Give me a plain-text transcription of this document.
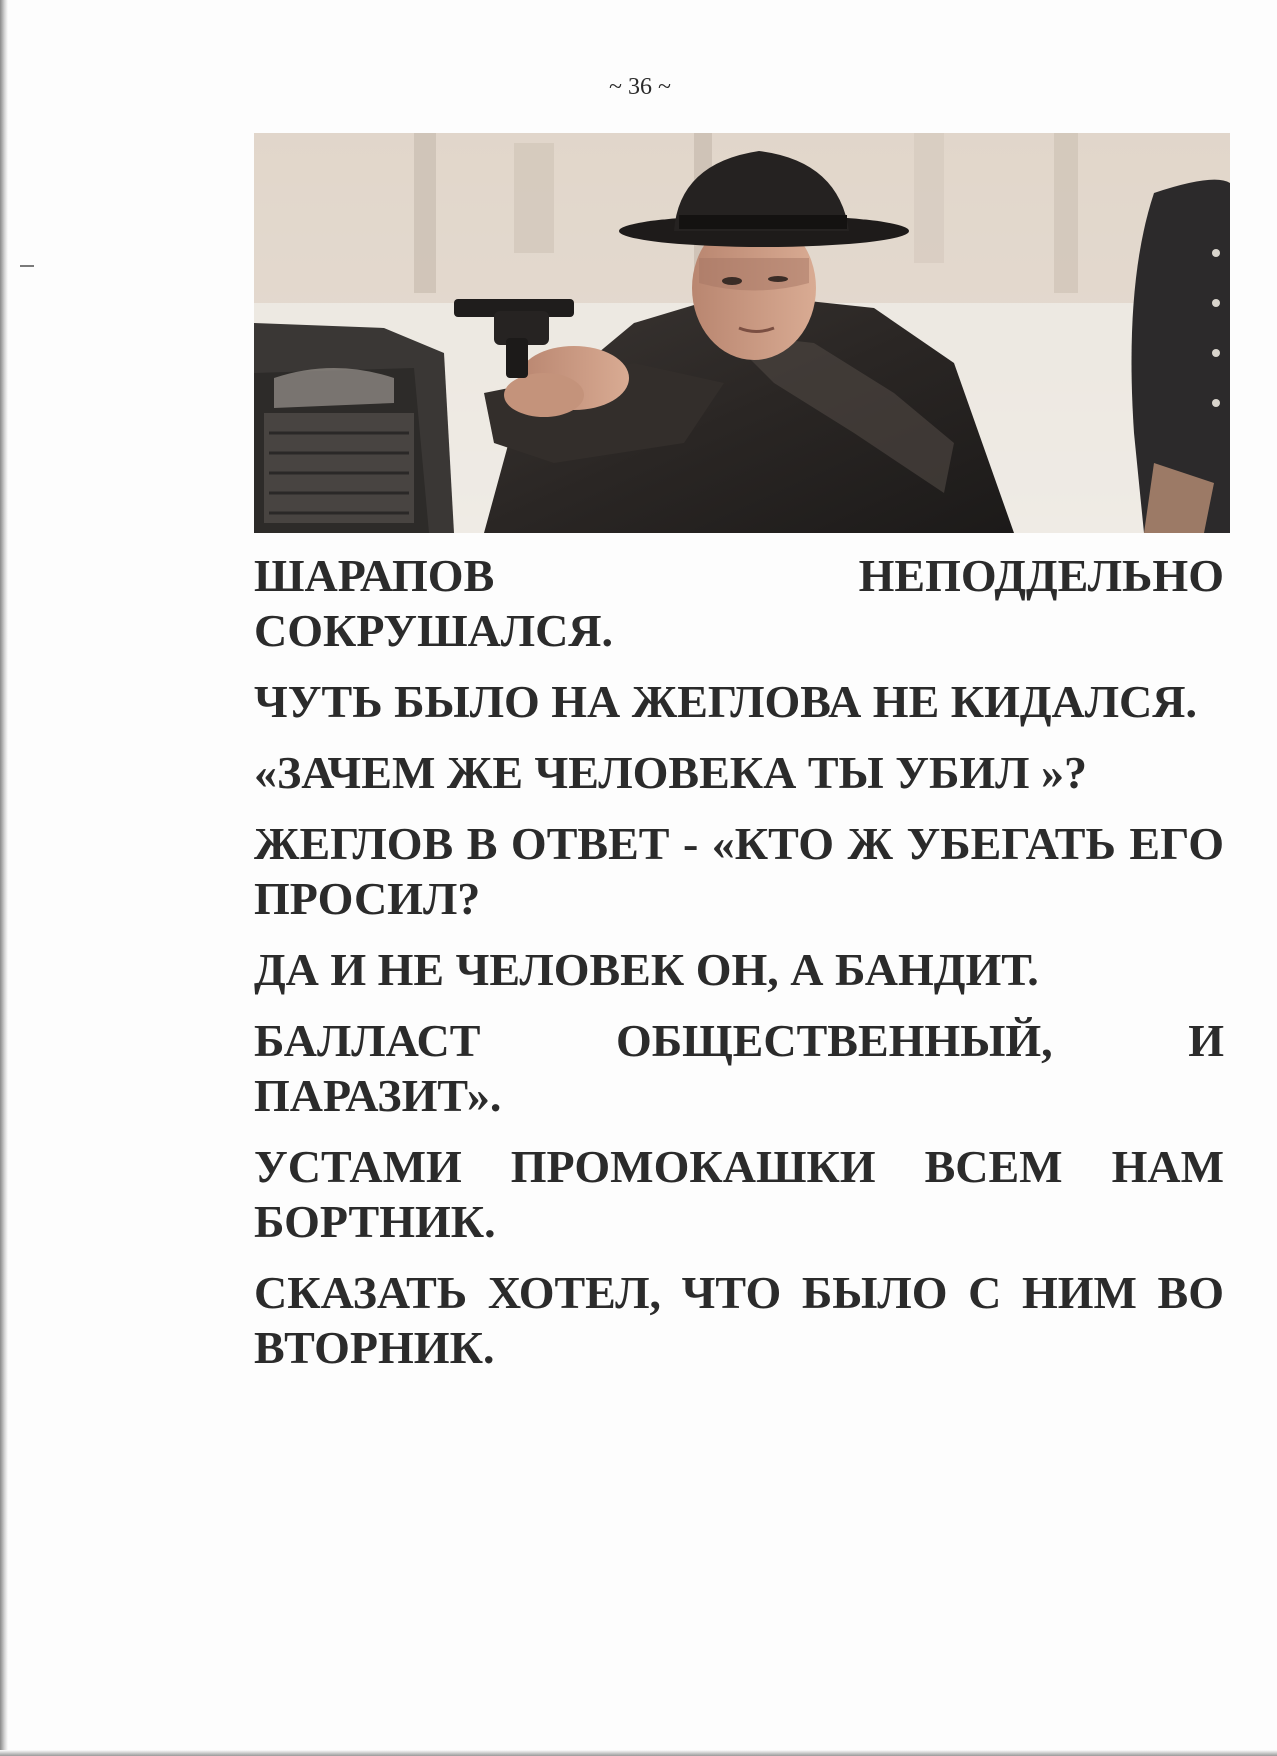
~ 36 ~

ШАРАПОВ НЕПОДДЕЛЬНО СОКРУШАЛСЯ.

ЧУТЬ БЫЛО НА ЖЕГЛОВА НЕ КИДАЛСЯ.

«ЗАЧЕМ ЖЕ ЧЕЛОВЕКА ТЫ УБИЛ »?

ЖЕГЛОВ В ОТВЕТ - «КТО Ж УБЕГАТЬ ЕГО ПРОСИЛ?

ДА И НЕ ЧЕЛОВЕК ОН, А БАНДИТ.

БАЛЛАСТ ОБЩЕСТВЕННЫЙ, И ПАРАЗИТ».

УСТАМИ ПРОМОКАШКИ ВСЕМ НАМ БОРТНИК.

СКАЗАТЬ ХОТЕЛ, ЧТО БЫЛО С НИМ ВО ВТОРНИК.
